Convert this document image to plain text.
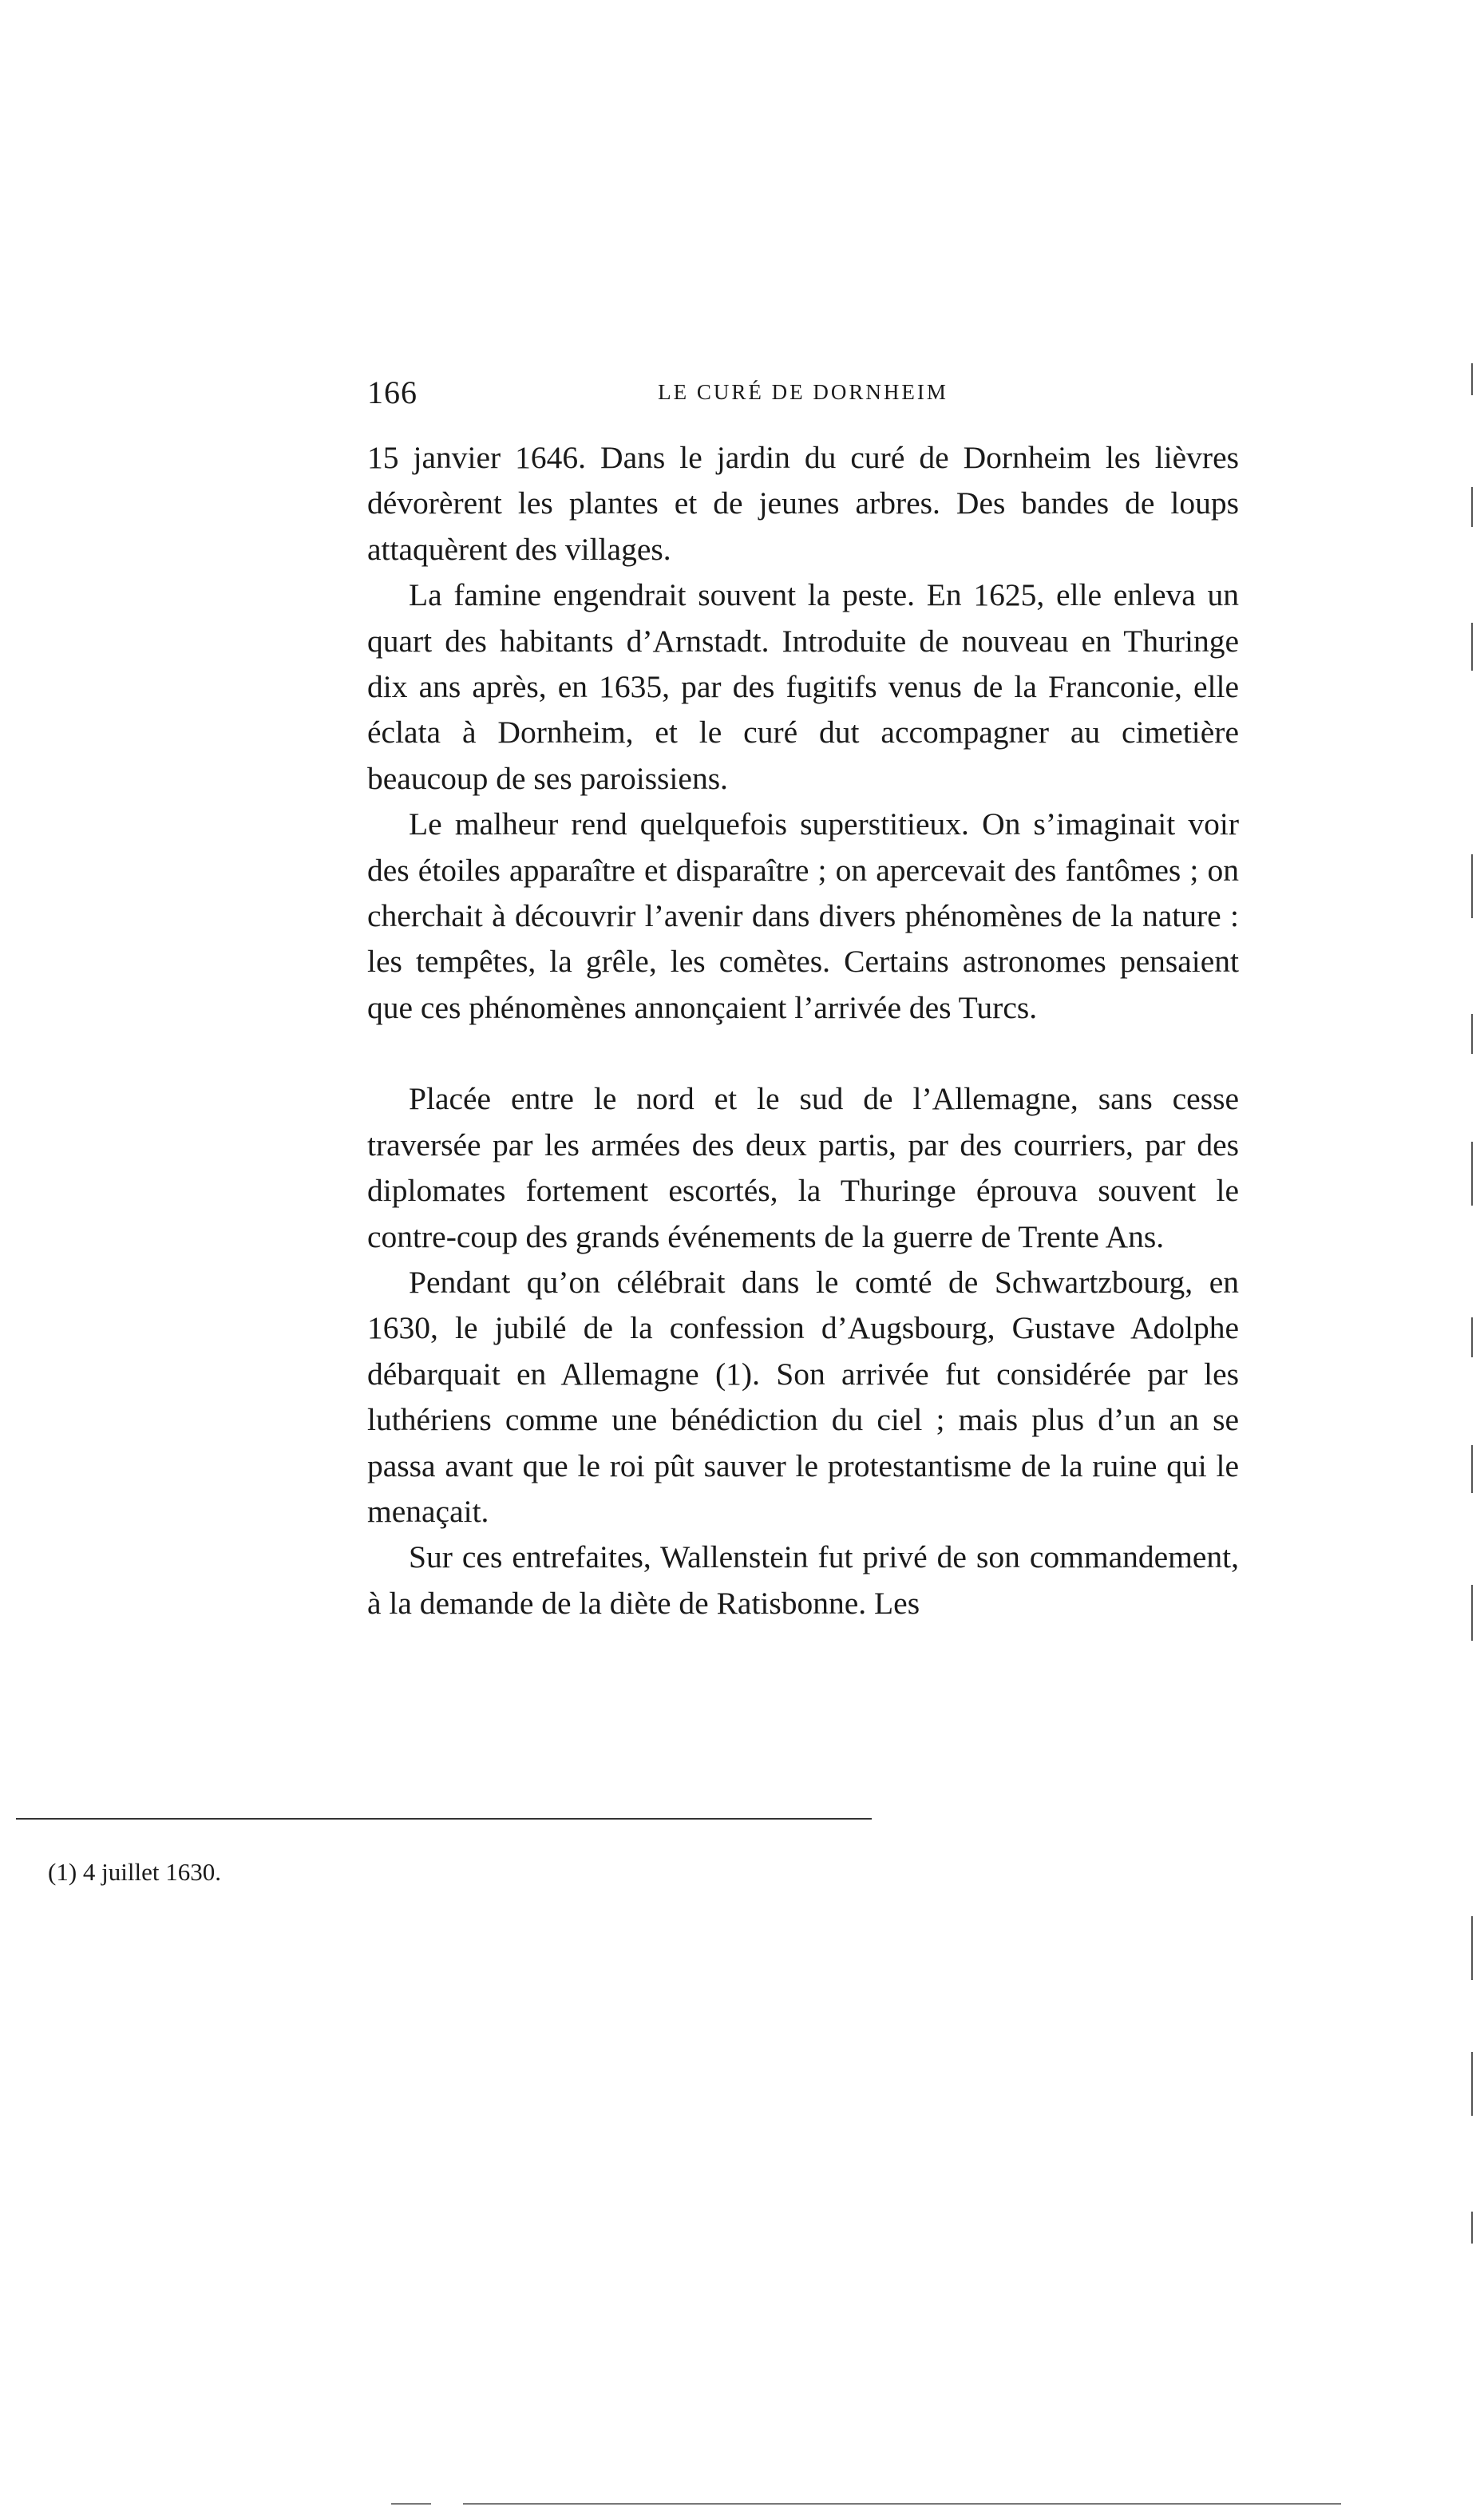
166	LE CURÉ DE DORNHEIM

15 janvier 1646. Dans le jardin du curé de Dornheim les lièvres dévorèrent les plantes et de jeunes arbres. Des bandes de loups attaquèrent des villages.

La famine engendrait souvent la peste. En 1625, elle enleva un quart des habitants d’Arnstadt. Introduite de nouveau en Thuringe dix ans après, en 1635, par des fugitifs venus de la Franconie, elle éclata à Dornheim, et le curé dut accompagner au cimetière beaucoup de ses paroissiens.

Le malheur rend quelquefois superstitieux. On s’imaginait voir des étoiles apparaître et disparaître ; on apercevait des fantômes ; on cherchait à découvrir l’avenir dans divers phénomènes de la nature : les tempêtes, la grêle, les comètes. Certains astronomes pensaient que ces phénomènes annonçaient l’arrivée des Turcs.

Placée entre le nord et le sud de l’Allemagne, sans cesse traversée par les armées des deux partis, par des courriers, par des diplomates fortement escortés, la Thuringe éprouva souvent le contre-coup des grands événements de la guerre de Trente Ans.

Pendant qu’on célébrait dans le comté de Schwartzbourg, en 1630, le jubilé de la confession d’Augsbourg, Gustave Adolphe débarquait en Allemagne (1). Son arrivée fut considérée par les luthériens comme une bénédiction du ciel ; mais plus d’un an se passa avant que le roi pût sauver le protestantisme de la ruine qui le menaçait.

Sur ces entrefaites, Wallenstein fut privé de son commandement, à la demande de la diète de Ratisbonne. Les

(1) 4 juillet 1630.
